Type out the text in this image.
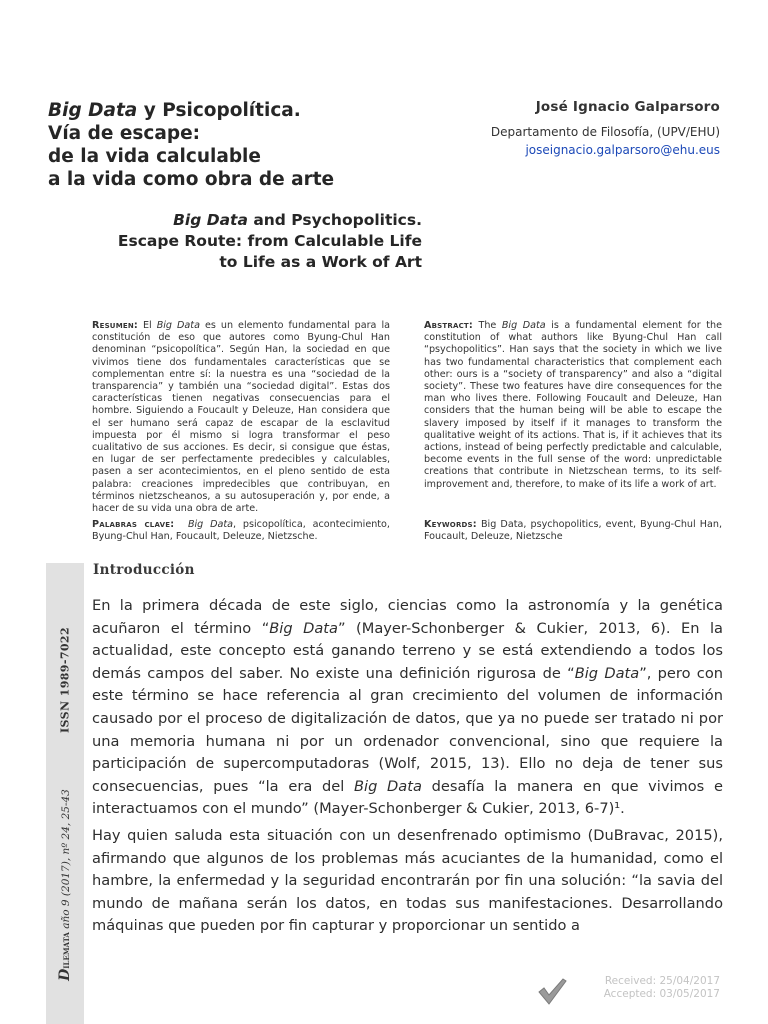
Big Data y Psicopolítica.
Vía de escape:
de la vida calculable
a la vida como obra de arte
Big Data and Psychopolitics.
Escape Route: from Calculable Life
to Life as a Work of Art
José Ignacio Galparsoro
Departamento de Filosofía, (UPV/EHU)
joseignacio.galparsoro@ehu.eus
Resumen: El Big Data es un elemento fundamental para la constitución de eso que autores como Byung-Chul Han denominan “psicopolítica”. Según Han, la sociedad en que vivimos tiene dos fundamentales características que se complementan entre sí: la nuestra es una “sociedad de la transparencia” y también una “sociedad digital”. Estas dos características tienen negativas consecuencias para el hombre. Siguiendo a Foucault y Deleuze, Han considera que el ser humano será capaz de escapar de la esclavitud impuesta por él mismo si logra transformar el peso cualitativo de sus acciones. Es decir, si consigue que éstas, en lugar de ser perfectamente predecibles y calculables, pasen a ser acontecimientos, en el pleno sentido de esta palabra: creaciones impredecibles que contribuyan, en términos nietzscheanos, a su autosuperación y, por ende, a hacer de su vida una obra de arte.
Abstract: The Big Data is a fundamental element for the constitution of what authors like Byung-Chul Han call “psychopolitics”. Han says that the society in which we live has two fundamental characteristics that complement each other: ours is a “society of transparency” and also a “digital society”. These two features have dire consequences for the man who lives there. Following Foucault and Deleuze, Han considers that the human being will be able to escape the slavery imposed by itself if it manages to transform the qualitative weight of its actions. That is, if it achieves that its actions, instead of being perfectly predictable and calculable, become events in the full sense of the word: unpredictable creations that contribute in Nietzschean terms, to its self-improvement and, therefore, to make of its life a work of art.
Palabras clave: Big Data, psicopolítica, acontecimiento, Byung-Chul Han, Foucault, Deleuze, Nietzsche.
Keywords: Big Data, psychopolitics, event, Byung-Chul Han, Foucault, Deleuze, Nietzsche
ISSN 1989-7022
Dilemata año 9 (2017), nº 24, 25-43
Introducción
En la primera década de este siglo, ciencias como la astronomía y la genética acuñaron el término “Big Data” (Mayer-Schonberger & Cukier, 2013, 6). En la actualidad, este concepto está ganando terreno y se está extendiendo a todos los demás campos del saber. No existe una definición rigurosa de “Big Data”, pero con este término se hace referencia al gran crecimiento del volumen de información causado por el proceso de digitalización de datos, que ya no puede ser tratado ni por una memoria humana ni por un ordenador convencional, sino que requiere la participación de supercomputadoras (Wolf, 2015, 13). Ello no deja de tener sus consecuencias, pues “la era del Big Data desafía la manera en que vivimos e interactuamos con el mundo” (Mayer-Schonberger & Cukier, 2013, 6-7)¹.
Hay quien saluda esta situación con un desenfrenado optimismo (DuBravac, 2015), afirmando que algunos de los problemas más acuciantes de la humanidad, como el hambre, la enfermedad y la seguridad encontrarán por fin una solución: “la savia del mundo de mañana serán los datos, en todas sus manifestaciones. Desarrollando máquinas que pueden por fin capturar y proporcionar un sentido a
Received: 25/04/2017
Accepted: 03/05/2017
